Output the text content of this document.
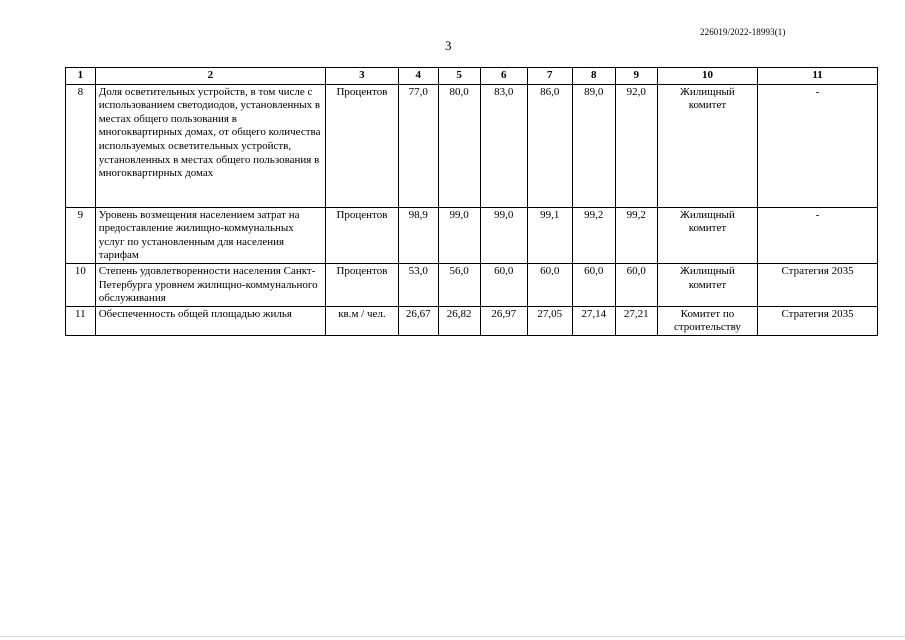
226019/2022-18993(1)
3
1	2	3	4	5	6	7	8	9	10	11
8	Доля осветительных устройств, в том числе с использованием светодиодов, установленных в местах общего пользования в многоквартирных домах, от общего количества используемых осветительных устройств, установленных в местах общего пользования в многоквартирных домах	Процентов	77,0	80,0	83,0	86,0	89,0	92,0	Жилищный комитет	-
9	Уровень возмещения населением затрат на предоставление жилищно-коммунальных услуг по установленным для населения тарифам	Процентов	98,9	99,0	99,0	99,1	99,2	99,2	Жилищный комитет	-
10	Степень удовлетворенности населения Санкт-Петербурга уровнем жилищно-коммунального обслуживания	Процентов	53,0	56,0	60,0	60,0	60,0	60,0	Жилищный комитет	Стратегия 2035
11	Обеспеченность общей площадью жилья	кв.м / чел.	26,67	26,82	26,97	27,05	27,14	27,21	Комитет по строительству	Стратегия 2035
